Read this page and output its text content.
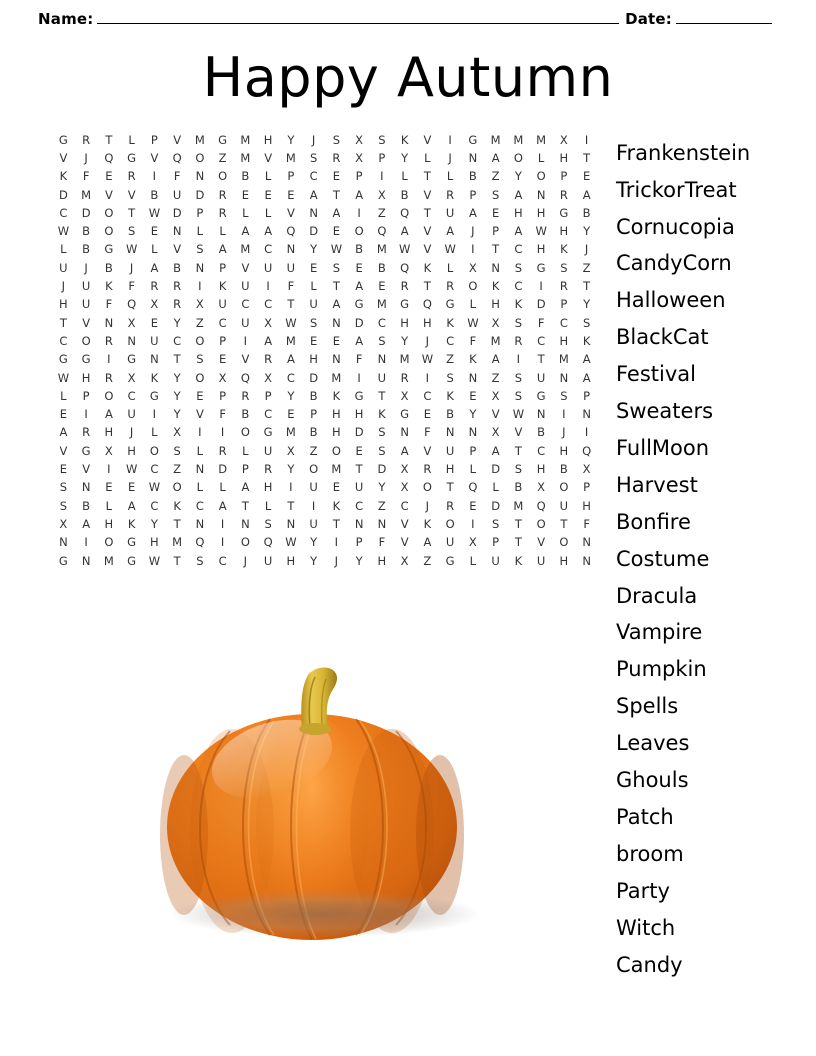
Name:	Date:
Happy Autumn
G	R	T	L	P	V	M	G	M	H	Y	J	S	X	S	K	V	I	G	M	M	M	X	I
V	J	Q	G	V	Q	O	Z	M	V	M	S	R	X	P	Y	L	J	N	A	O	L	H	T
K	F	E	R	I	F	N	O	B	L	P	C	E	P	I	L	T	L	B	Z	Y	O	P	E
D	M	V	V	B	U	D	R	E	E	E	A	T	A	X	B	V	R	P	S	A	N	R	A
C	D	O	T	W	D	P	R	L	L	V	N	A	I	Z	Q	T	U	A	E	H	H	G	B
W	B	O	S	E	N	L	L	A	A	Q	D	E	O	Q	A	V	A	J	P	A	W	H	Y
L	B	G	W	L	V	S	A	M	C	N	Y	W	B	M	W	V	W	I	T	C	H	K	J
U	J	B	J	A	B	N	P	V	U	U	E	S	E	B	Q	K	L	X	N	S	G	S	Z
J	U	K	F	R	R	I	K	U	I	F	L	T	A	E	R	T	R	O	K	C	I	R	T
H	U	F	Q	X	R	X	U	C	C	T	U	A	G	M	G	Q	G	L	H	K	D	P	Y
T	V	N	X	E	Y	Z	C	U	X	W	S	N	D	C	H	H	K	W	X	S	F	C	S
C	O	R	N	U	C	O	P	I	A	M	E	E	A	S	Y	J	C	F	M	R	C	H	K
G	G	I	G	N	T	S	E	V	R	A	H	N	F	N	M	W	Z	K	A	I	T	M	A
W	H	R	X	K	Y	O	X	Q	X	C	D	M	I	U	R	I	S	N	Z	S	U	N	A
L	P	O	C	G	Y	E	P	R	P	Y	B	K	G	T	X	C	K	E	X	S	G	S	P
E	I	A	U	I	Y	V	F	B	C	E	P	H	H	K	G	E	B	Y	V	W	N	I	N
A	R	H	J	L	X	I	I	O	G	M	B	H	D	S	N	F	N	N	X	V	B	J	I
V	G	X	H	O	S	L	R	L	U	X	Z	O	E	S	A	V	U	P	A	T	C	H	Q
E	V	I	W	C	Z	N	D	P	R	Y	O	M	T	D	X	R	H	L	D	S	H	B	X
S	N	E	E	W	O	L	L	A	H	I	U	E	U	Y	X	O	T	Q	L	B	X	O	P
S	B	L	A	C	K	C	A	T	L	T	I	K	C	Z	C	J	R	E	D	M	Q	U	H
X	A	H	K	Y	T	N	I	N	S	N	U	T	N	N	V	K	O	I	S	T	O	T	F
N	I	O	G	H	M	Q	I	O	Q	W	Y	I	P	F	V	A	U	X	P	T	V	O	N
G	N	M	G	W	T	S	C	J	U	H	Y	J	Y	H	X	Z	G	L	U	K	U	H	N
Frankenstein
TrickorTreat
Cornucopia
CandyCorn
Halloween
BlackCat
Festival
Sweaters
FullMoon
Harvest
Bonfire
Costume
Dracula
Vampire
Pumpkin
Spells
Leaves
Ghouls
Patch
broom
Party
Witch
Candy
